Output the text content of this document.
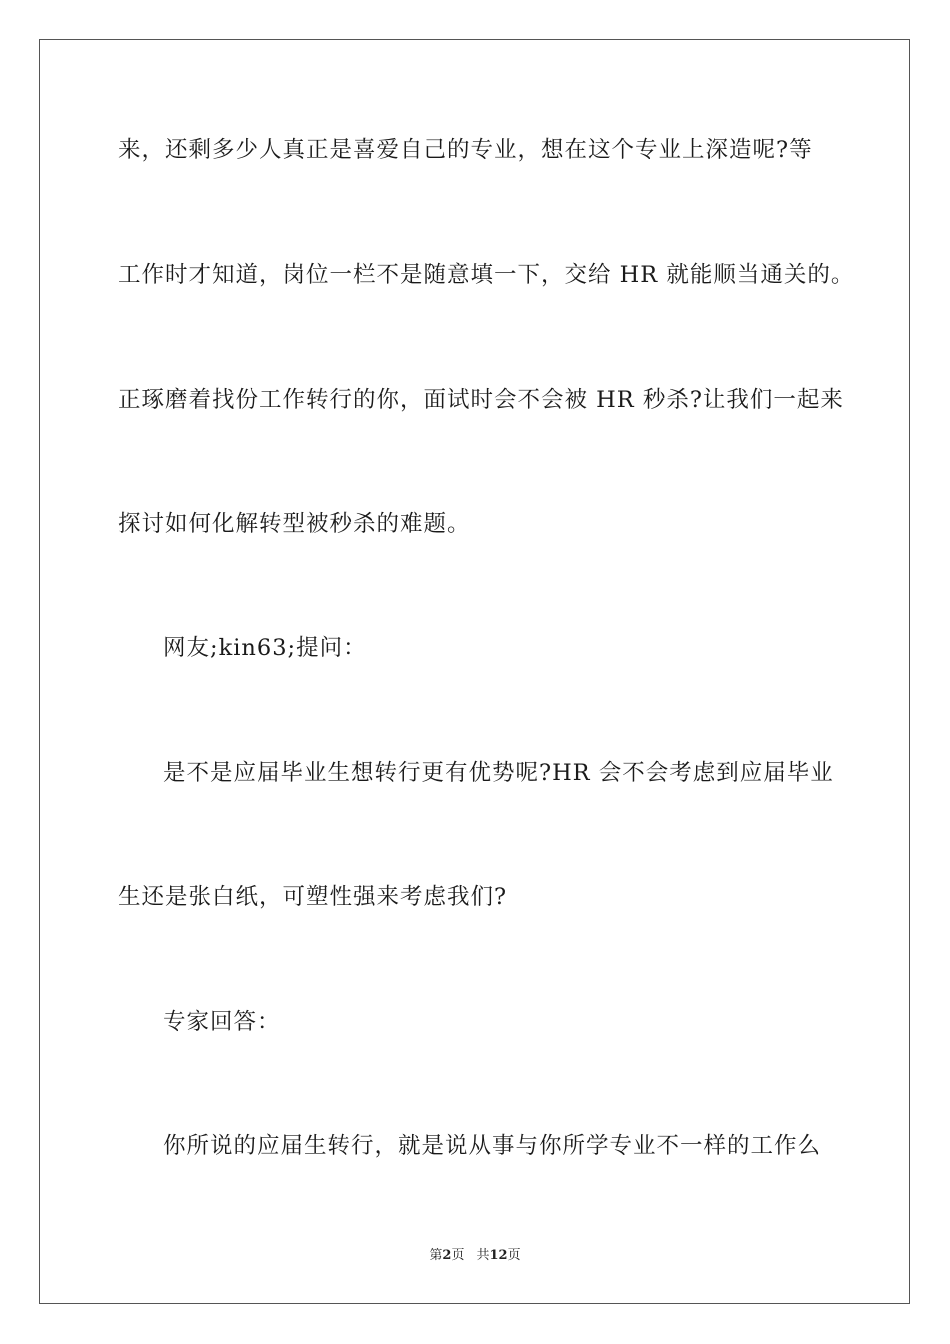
来，还剩多少人真正是喜爱自己的专业，想在这个专业上深造呢?等
工作时才知道，岗位一栏不是随意填一下，交给 HR 就能顺当通关的。
正琢磨着找份工作转行的你，面试时会不会被 HR 秒杀?让我们一起来
探讨如何化解转型被秒杀的难题。
网友;kin63;提问：
是不是应届毕业生想转行更有优势呢?HR 会不会考虑到应届毕业
生还是张白纸，可塑性强来考虑我们?
专家回答：
你所说的应届生转行，就是说从事与你所学专业不一样的工作么
第2页 共12页
